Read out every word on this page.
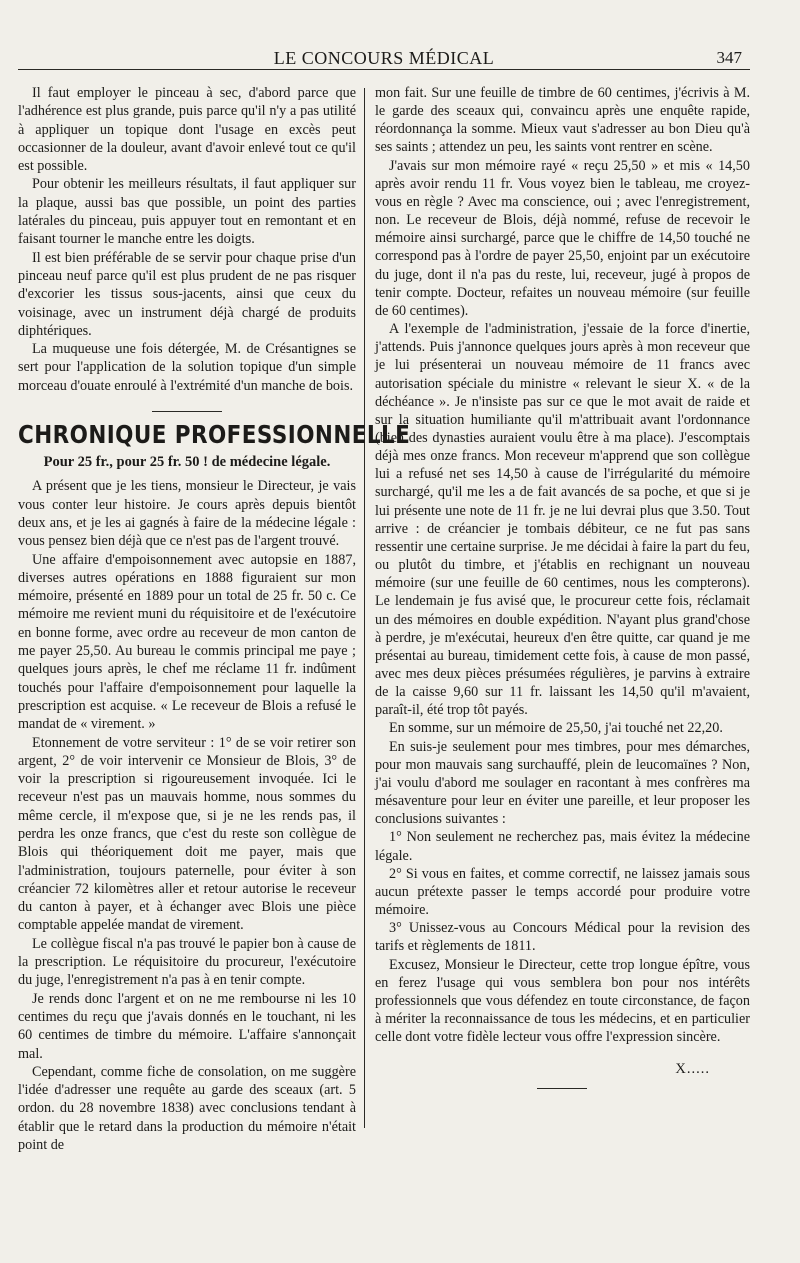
LE CONCOURS MÉDICAL	347

Il faut employer le pinceau à sec, d'abord parce que l'adhérence est plus grande, puis parce qu'il n'y a pas utilité à appliquer un topique dont l'usage en excès peut occasionner de la douleur, avant d'avoir enlevé tout ce qu'il est possible.

Pour obtenir les meilleurs résultats, il faut appliquer sur la plaque, aussi bas que possible, un point des parties latérales du pinceau, puis appuyer tout en remontant et en faisant tourner le manche entre les doigts.

Il est bien préférable de se servir pour chaque prise d'un pinceau neuf parce qu'il est plus prudent de ne pas risquer d'excorier les tissus sous-jacents, ainsi que ceux du voisinage, avec un instrument déjà chargé de produits diphtériques.

La muqueuse une fois détergée, M. de Crésantignes se sert pour l'application de la solution topique d'un simple morceau d'ouate enroulé à l'extrémité d'un manche de bois.

CHRONIQUE PROFESSIONNELLE
Pour 25 fr., pour 25 fr. 50 ! de médecine légale.

A présent que je les tiens, monsieur le Directeur, je vais vous conter leur histoire. Je cours après depuis bientôt deux ans, et je les ai gagnés à faire de la médecine légale : vous pensez bien déjà que ce n'est pas de l'argent trouvé.

Une affaire d'empoisonnement avec autopsie en 1887, diverses autres opérations en 1888 figuraient sur mon mémoire, présenté en 1889 pour un total de 25 fr. 50 c. Ce mémoire me revient muni du réquisitoire et de l'exécutoire en bonne forme, avec ordre au receveur de mon canton de me payer 25,50. Au bureau le commis principal me paye ; quelques jours après, le chef me réclame 11 fr. indûment touchés pour l'affaire d'empoisonnement pour laquelle la prescription est acquise. « Le receveur de Blois a refusé le mandat de « virement. »

Etonnement de votre serviteur : 1° de se voir retirer son argent, 2° de voir intervenir ce Monsieur de Blois, 3° de voir la prescription si rigoureusement invoquée. Ici le receveur n'est pas un mauvais homme, nous sommes du même cercle, il m'expose que, si je ne les rends pas, il perdra les onze francs, que c'est du reste son collègue de Blois qui théoriquement doit me payer, mais que l'administration, toujours paternelle, pour éviter à son créancier 72 kilomètres aller et retour autorise le receveur du canton à payer, et à échanger avec Blois une pièce comptable appelée mandat de virement.

Le collègue fiscal n'a pas trouvé le papier bon à cause de la prescription. Le réquisitoire du procureur, l'exécutoire du juge, l'enregistrement n'a pas à en tenir compte.

Je rends donc l'argent et on ne me rembourse ni les 10 centimes du reçu que j'avais donnés en le touchant, ni les 60 centimes de timbre du mémoire. L'affaire s'annonçait mal.

Cependant, comme fiche de consolation, on me suggère l'idée d'adresser une requête au garde des sceaux (art. 5 ordon. du 28 novembre 1838) avec conclusions tendant à établir que le retard dans la production du mémoire n'était point de

mon fait. Sur une feuille de timbre de 60 centimes, j'écrivis à M. le garde des sceaux qui, convaincu après une enquête rapide, réordonnança la somme. Mieux vaut s'adresser au bon Dieu qu'à ses saints ; attendez un peu, les saints vont rentrer en scène.

J'avais sur mon mémoire rayé « reçu 25,50 » et mis « 14,50 après avoir rendu 11 fr. Vous voyez bien le tableau, me croyez-vous en règle ? Avec ma conscience, oui ; avec l'enregistrement, non. Le receveur de Blois, déjà nommé, refuse de recevoir le mémoire ainsi surchargé, parce que le chiffre de 14,50 touché ne correspond pas à l'ordre de payer 25,50, enjoint par un exécutoire du juge, dont il n'a pas du reste, lui, receveur, jugé à propos de tenir compte. Docteur, refaites un nouveau mémoire (sur feuille de 60 centimes).

A l'exemple de l'administration, j'essaie de la force d'inertie, j'attends. Puis j'annonce quelques jours après à mon receveur que je lui présenterai un nouveau mémoire de 11 francs avec autorisation spéciale du ministre « relevant le sieur X. « de la déchéance ». Je n'insiste pas sur ce que le mot avait de raide et sur la situation humiliante qu'il m'attribuait avant l'ordonnance (bien des dynasties auraient voulu être à ma place). J'escomptais déjà mes onze francs. Mon receveur m'apprend que son collègue lui a refusé net ses 14,50 à cause de l'irrégularité du mémoire surchargé, qu'il me les a de fait avancés de sa poche, et que si je lui présente une note de 11 fr. je ne lui devrai plus que 3.50. Tout arrive : de créancier je tombais débiteur, ce ne fut pas sans ressentir une certaine surprise. Je me décidai à faire la part du feu, ou plutôt du timbre, et j'établis en rechignant un nouveau mémoire (sur une feuille de 60 centimes, nous les compterons). Le lendemain je fus avisé que, le procureur cette fois, réclamait un des mémoires en double expédition. N'ayant plus grand'chose à perdre, je m'exécutai, heureux d'en être quitte, car quand je me présentai au bureau, timidement cette fois, à cause de mon passé, avec mes deux pièces présumées régulières, je parvins à extraire de la caisse 9,60 sur 11 fr. laissant les 14,50 qu'il m'avaient, paraît-il, été trop tôt payés.

En somme, sur un mémoire de 25,50, j'ai touché net 22,20.

En suis-je seulement pour mes timbres, pour mes démarches, pour mon mauvais sang surchauffé, plein de leucomaïnes ? Non, j'ai voulu d'abord me soulager en racontant à mes confrères ma mésaventure pour leur en éviter une pareille, et leur proposer les conclusions suivantes :

1° Non seulement ne recherchez pas, mais évitez la médecine légale.

2° Si vous en faites, et comme correctif, ne laissez jamais sous aucun prétexte passer le temps accordé pour produire votre mémoire.

3° Unissez-vous au Concours Médical pour la revision des tarifs et règlements de 1811.

Excusez, Monsieur le Directeur, cette trop longue épître, vous en ferez l'usage qui vous semblera bon pour nos intérêts professionnels que vous défendez en toute circonstance, de façon à mériter la reconnaissance de tous les médecins, et en particulier celle dont votre fidèle lecteur vous offre l'expression sincère.

X.....
